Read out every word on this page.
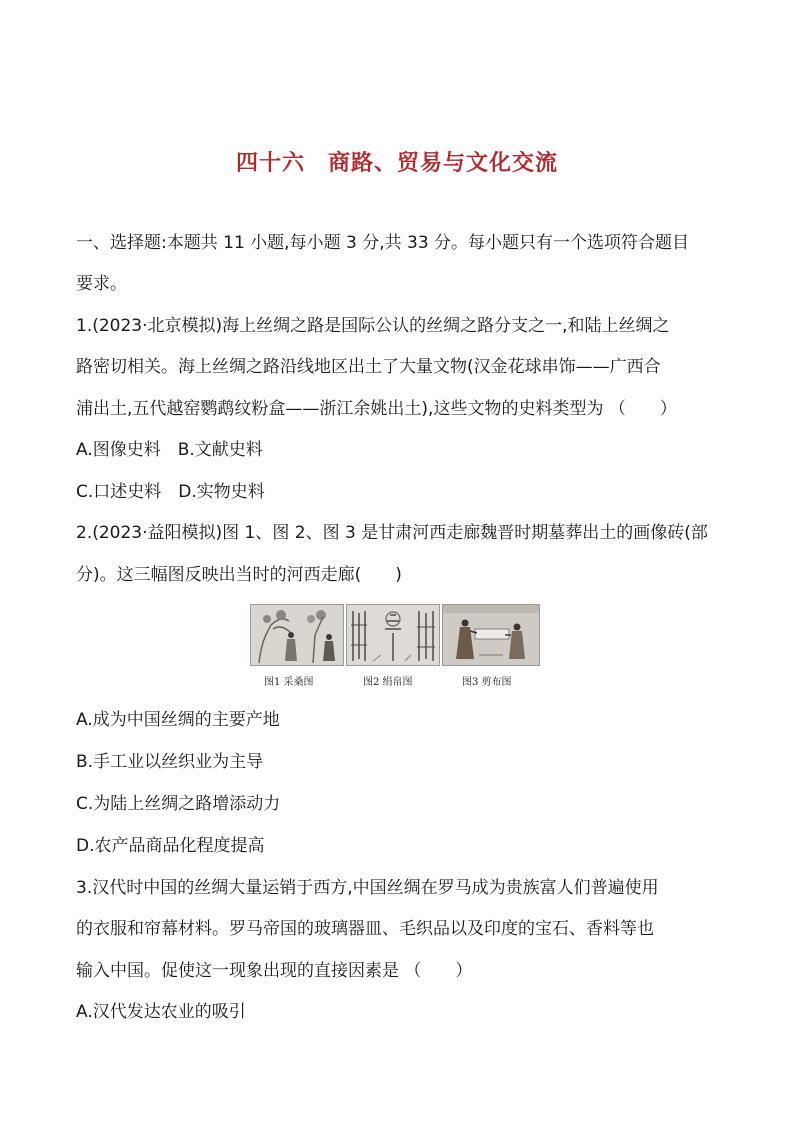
四十六　商路、贸易与文化交流
一、选择题:本题共 11 小题,每小题 3 分,共 33 分。每小题只有一个选项符合题目
要求。
1.(2023·北京模拟)海上丝绸之路是国际公认的丝绸之路分支之一,和陆上丝绸之
路密切相关。海上丝绸之路沿线地区出土了大量文物(汉金花球串饰——广西合
浦出土,五代越窑鹦鹉纹粉盒——浙江余姚出土),这些文物的史料类型为 （　　）
A.图像史料　B.文献史料
C.口述史料　D.实物史料
2.(2023·益阳模拟)图 1、图 2、图 3 是甘肃河西走廊魏晋时期墓葬出土的画像砖(部
分)。这三幅图反映出当时的河西走廊(　　)
图1 采桑图	图2 绢帛图	图3 剪布图
A.成为中国丝绸的主要产地
B.手工业以丝织业为主导
C.为陆上丝绸之路增添动力
D.农产品商品化程度提高
3.汉代时中国的丝绸大量运销于西方,中国丝绸在罗马成为贵族富人们普遍使用
的衣服和帘幕材料。罗马帝国的玻璃器皿、毛织品以及印度的宝石、香料等也
输入中国。促使这一现象出现的直接因素是 （　　）
A.汉代发达农业的吸引
